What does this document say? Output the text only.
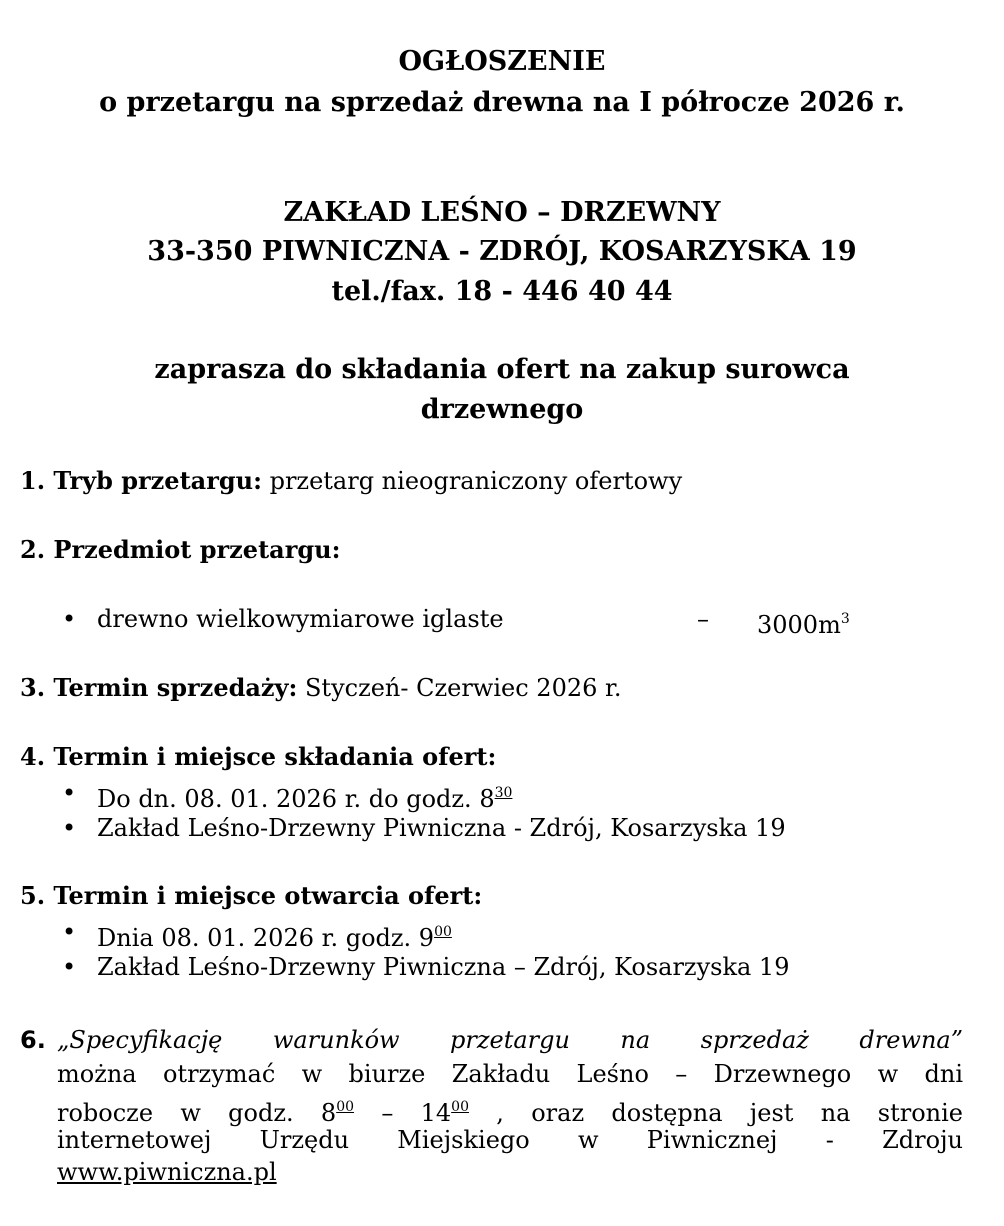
OGŁOSZENIE
o przetargu na sprzedaż drewna na I półrocze 2026 r.
ZAKŁAD LEŚNO – DRZEWNY
33-350 PIWNICZNA - ZDRÓJ, KOSARZYSKA 19
tel./fax. 18 - 446 40 44
zaprasza do składania ofert na zakup surowca
drzewnego
1. Tryb przetargu: przetarg nieograniczony ofertowy
2. Przedmiot przetargu:
• drewno wielkowymiarowe iglaste	– $3000m^3$
3. Termin sprzedaży: Styczeń- Czerwiec 2026 r.
4. Termin i miejsce składania ofert:
• Do dn. 08. 01. 2026 r. do godz. $8^{30}$
• Zakład Leśno-Drzewny Piwniczna - Zdrój, Kosarzyska 19
5. Termin i miejsce otwarcia ofert:
• Dnia 08. 01. 2026 r. godz. $9^{00}$
• Zakład Leśno-Drzewny Piwniczna – Zdrój, Kosarzyska 19
6. „Specyfikację warunków przetargu na sprzedaż drewna”
można otrzymać w biurze Zakładu Leśno – Drzewnego w dni
robocze w godz. $8^{00} - 14^{00}$ , oraz dostępna jest na stronie
internetowej Urzędu Miejskiego w Piwnicznej - Zdroju
www.piwniczna.pl
